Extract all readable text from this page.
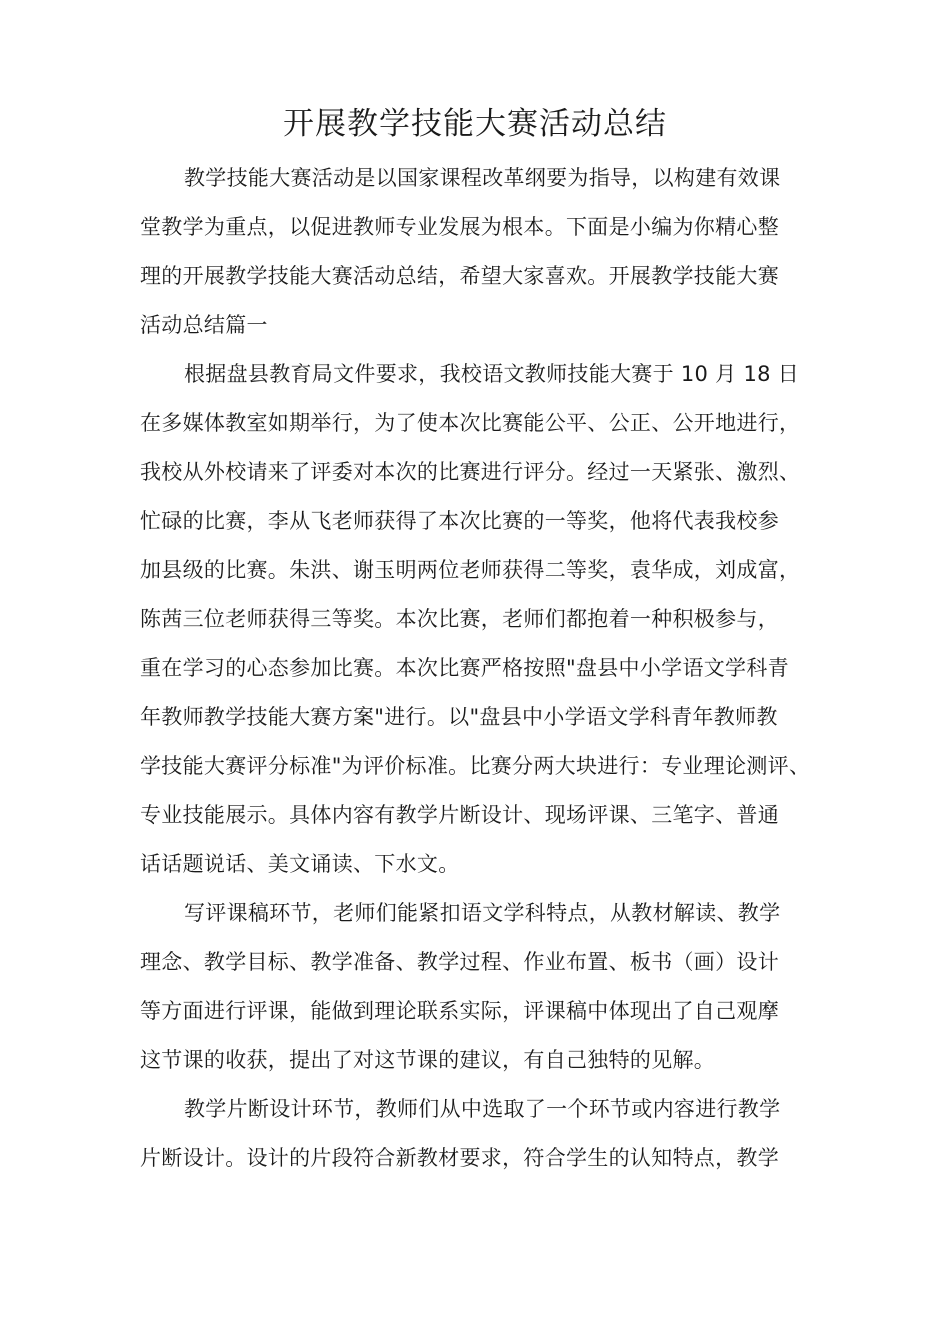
开展教学技能大赛活动总结
教学技能大赛活动是以国家课程改革纲要为指导，以构建有效课
堂教学为重点，以促进教师专业发展为根本。下面是小编为你精心整
理的开展教学技能大赛活动总结，希望大家喜欢。开展教学技能大赛
活动总结篇一
根据盘县教育局文件要求，我校语文教师技能大赛于 10 月 18 日
在多媒体教室如期举行，为了使本次比赛能公平、公正、公开地进行，
我校从外校请来了评委对本次的比赛进行评分。经过一天紧张、激烈、
忙碌的比赛，李从飞老师获得了本次比赛的一等奖，他将代表我校参
加县级的比赛。朱洪、谢玉明两位老师获得二等奖，袁华成，刘成富，
陈茜三位老师获得三等奖。本次比赛，老师们都抱着一种积极参与，
重在学习的心态参加比赛。本次比赛严格按照"盘县中小学语文学科青
年教师教学技能大赛方案"进行。以"盘县中小学语文学科青年教师教
学技能大赛评分标准"为评价标准。比赛分两大块进行：专业理论测评、
专业技能展示。具体内容有教学片断设计、现场评课、三笔字、普通
话话题说话、美文诵读、下水文。
写评课稿环节，老师们能紧扣语文学科特点，从教材解读、教学
理念、教学目标、教学准备、教学过程、作业布置、板书（画）设计
等方面进行评课，能做到理论联系实际，评课稿中体现出了自己观摩
这节课的收获，提出了对这节课的建议，有自己独特的见解。
教学片断设计环节，教师们从中选取了一个环节或内容进行教学
片断设计。设计的片段符合新教材要求，符合学生的认知特点，教学
